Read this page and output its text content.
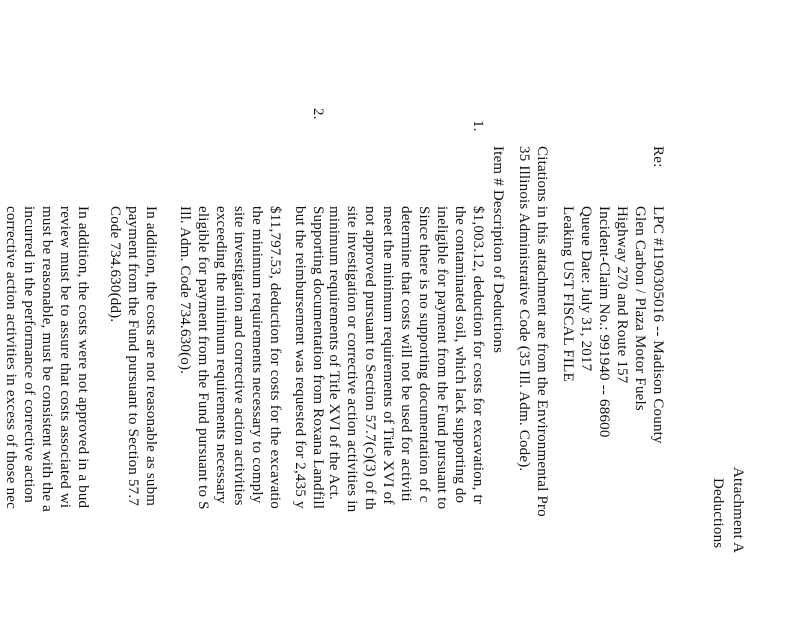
Attachment A
Deductions
Re:
LPC #1190305016 -- Madison County
Glen Carbon / Plaza Motor Fuels
Highway 270 and Route 157
Incident-Claim No.: 991940 -- 68600
Queue Date: July 31, 2017
Leaking UST FISCAL FILE
Citations in this attachment are from the Environmental Pro
35 Illinois Administrative Code (35 Ill. Adm. Code).
Item # Description of Deductions
1.
$1,003.12, deduction for costs for excavation, tr
the contaminated soil, which lack supporting do
ineligible for payment from the Fund pursuant to
Since there is no supporting documentation of c
determine that costs will not be used for activiti
meet the minimum requirements of Title XVI of
not approved pursuant to Section 57.7(c)(3) of th
site investigation or corrective action activities in
minimum requirements of Title XVI of the Act.
Supporting documentation from Roxana Landfill
but the reimbursement was requested for 2,435 y
2.
$11,797.53, deduction for costs for the excavatio
the minimum requirements necessary to comply
site investigation and corrective action activities
exceeding the minimum requirements necessary
eligible for payment from the Fund pursuant to S
Ill. Adm. Code 734.630(o).
In addition, the costs are not reasonable as subm
payment from the Fund pursuant to Section 57.7
Code 734.630(dd).
In addition, the costs were not approved in a bud
review must be to assure that costs associated wi
must be reasonable, must be consistent with the a
incurred in the performance of corrective action
corrective action activities in excess of those nec
